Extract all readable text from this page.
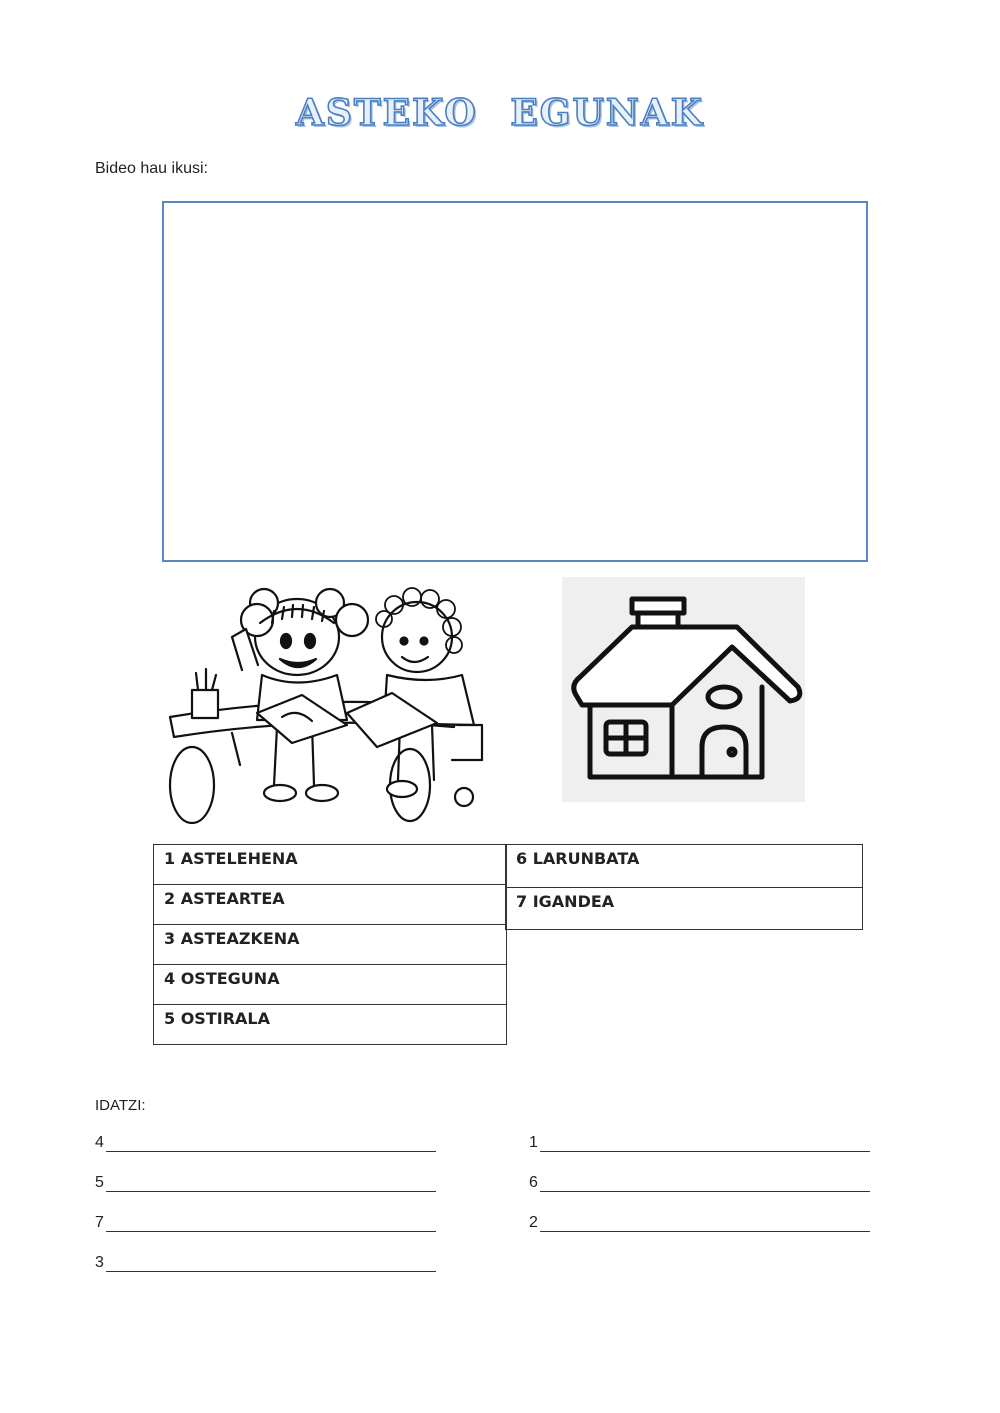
ASTEKO EGUNAK
Bideo hau ikusi:
1 ASTELEHENA
2 ASTEARTEA
3 ASTEAZKENA
4 OSTEGUNA
5 OSTIRALA
6 LARUNBATA
7 IGANDEA
IDATZI:
4
5
7
3
1
6
2
